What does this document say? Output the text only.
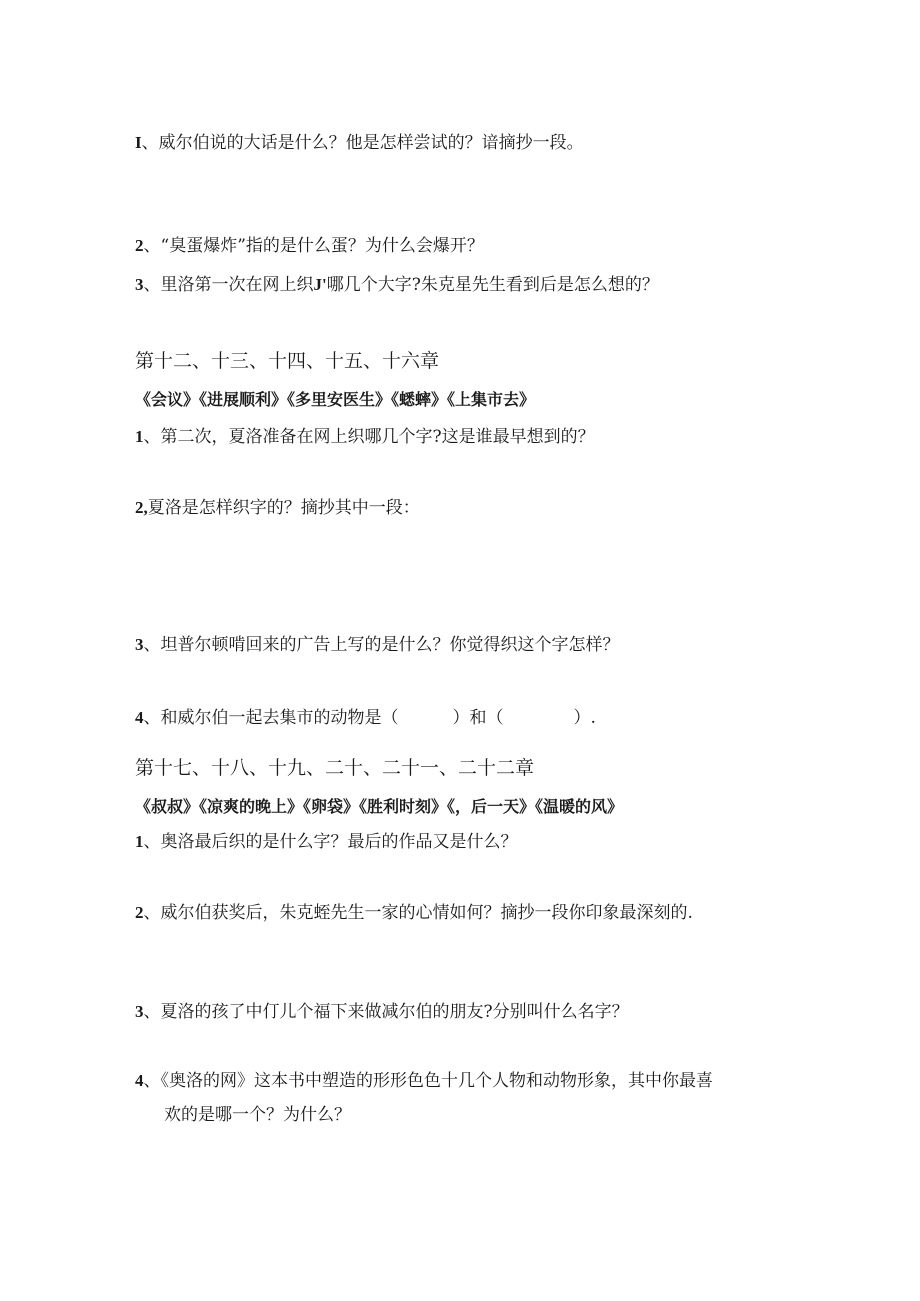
I、威尔伯说的大话是什么？他是怎样尝试的？谙摘抄一段。
2、“臭蛋爆炸”指的是什么蛋？为什么会爆开？
3、里洛第一次在网上织J'哪几个大字?朱克星先生看到后是怎么想的？
第十二、十三、十四、十五、十六章
《会议》《进展顺利》《多里安医生》《蟋蟀》《上集市去》
1、第二次，夏洛准备在网上织哪几个字?这是谁最早想到的？
2,夏洛是怎样织字的？摘抄其中一段：
3、坦普尔顿啃回来的广告上写的是什么？你觉得织这个字怎样？
4、和威尔伯一起去集市的动物是（	）和（	）.
第十七、十八、十九、二十、二十一、二十二章
《叔叔》《凉爽的晚上》《卵袋》《胜利时刻》《，后一天》《温暖的风》
1、奥洛最后织的是什么字？最后的作品又是什么？
2、威尔伯获奖后，朱克蛭先生一家的心情如何？摘抄一段你印象最深刻的.
3、夏洛的孩了中仃儿个福下来做减尔伯的朋友?分别叫什么名字？
4、《奥洛的网》这本书中塑造的形形色色十几个人物和动物形象，其中你最喜
欢的是哪一个？为什么？
